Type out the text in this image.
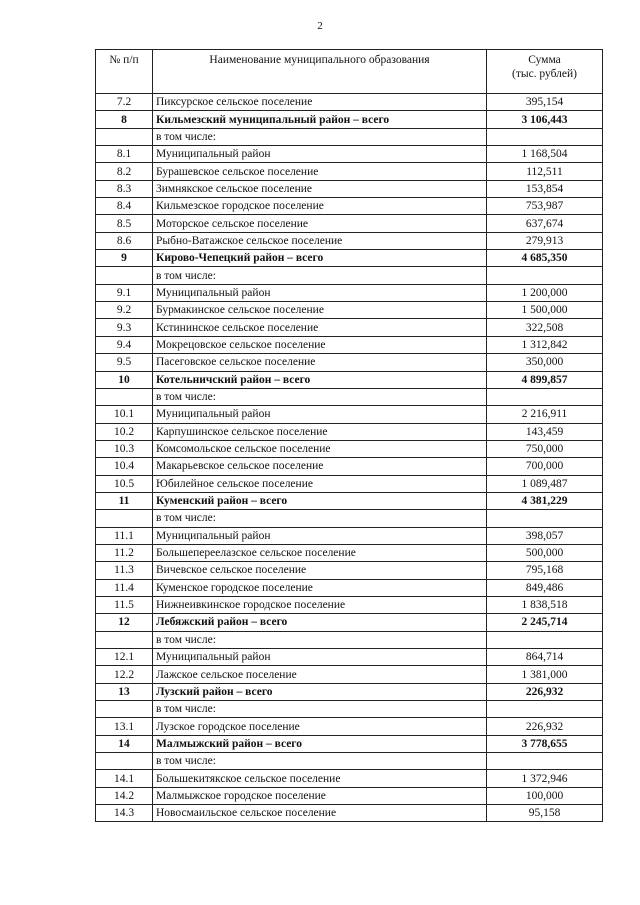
2
№ п/п	Наименование муниципального образования	Сумма
(тыс. рублей)
7.2	Пиксурское сельское поселение	395,154
8	Кильмезский муниципальный район – всего	3 106,443
	в том числе:	
8.1	Муниципальный район	1 168,504
8.2	Бурашевское сельское поселение	112,511
8.3	Зимнякское сельское поселение	153,854
8.4	Кильмезское городское поселение	753,987
8.5	Моторское сельское поселение	637,674
8.6	Рыбно-Ватажское сельское поселение	279,913
9	Кирово-Чепецкий район – всего	4 685,350
	в том числе:	
9.1	Муниципальный район	1 200,000
9.2	Бурмакинское сельское поселение	1 500,000
9.3	Кстининское сельское поселение	322,508
9.4	Мокрецовское сельское поселение	1 312,842
9.5	Пасеговское сельское поселение	350,000
10	Котельничский район – всего	4 899,857
	в том числе:	
10.1	Муниципальный район	2 216,911
10.2	Карпушинское сельское поселение	143,459
10.3	Комсомольское сельское поселение	750,000
10.4	Макарьевское сельское поселение	700,000
10.5	Юбилейное сельское поселение	1 089,487
11	Куменский район – всего	4 381,229
	в том числе:	
11.1	Муниципальный район	398,057
11.2	Большепереелазское сельское поселение	500,000
11.3	Вичевское сельское поселение	795,168
11.4	Куменское городское поселение	849,486
11.5	Нижнеивкинское городское поселение	1 838,518
12	Лебяжский район – всего	2 245,714
	в том числе:	
12.1	Муниципальный район	864,714
12.2	Лажское сельское поселение	1 381,000
13	Лузский район – всего	226,932
	в том числе:	
13.1	Лузское городское поселение	226,932
14	Малмыжский район – всего	3 778,655
	в том числе:	
14.1	Большекитякское сельское поселение	1 372,946
14.2	Малмыжское городское поселение	100,000
14.3	Новосмаильское сельское поселение	95,158
